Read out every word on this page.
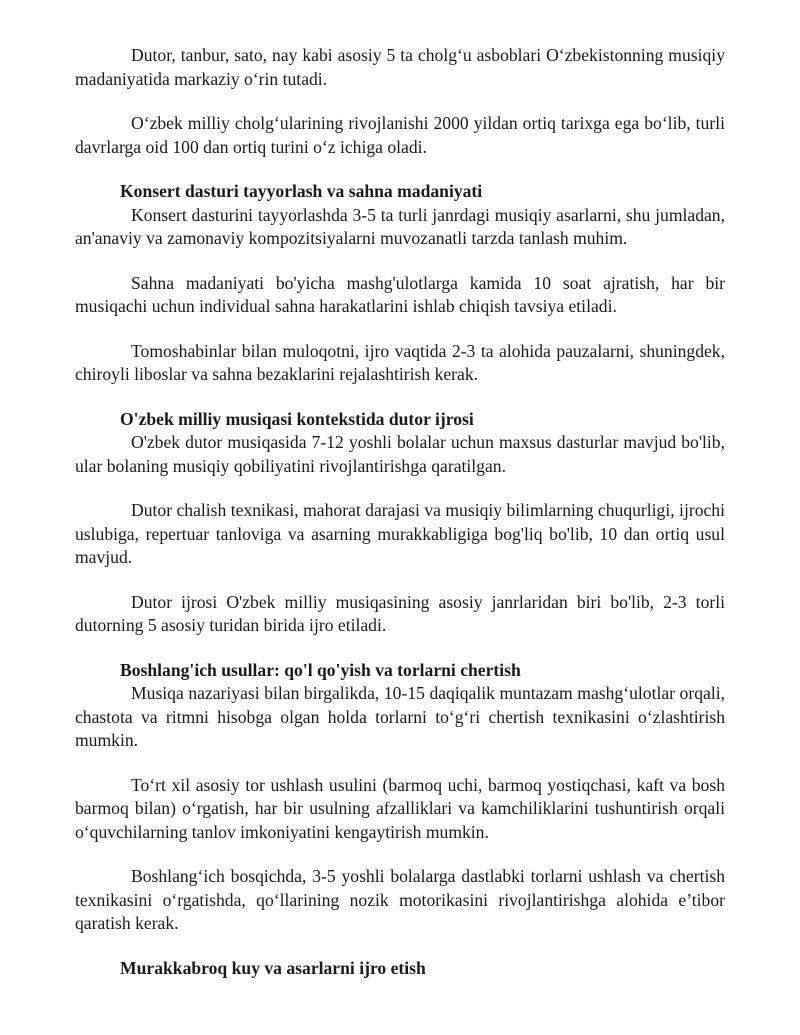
Dutor, tanbur, sato, nay kabi asosiy 5 ta cholg‘u asboblari O‘zbekistonning musiqiy madaniyatida markaziy o‘rin tutadi.

O‘zbek milliy cholg‘ularining rivojlanishi 2000 yildan ortiq tarixga ega bo‘lib, turli davrlarga oid 100 dan ortiq turini o‘z ichiga oladi.

Konsert dasturi tayyorlash va sahna madaniyati

Konsert dasturini tayyorlashda 3-5 ta turli janrdagi musiqiy asarlarni, shu jumladan, an'anaviy va zamonaviy kompozitsiyalarni muvozanatli tarzda tanlash muhim.

Sahna madaniyati bo'yicha mashg'ulotlarga kamida 10 soat ajratish, har bir musiqachi uchun individual sahna harakatlarini ishlab chiqish tavsiya etiladi.

Tomoshabinlar bilan muloqotni, ijro vaqtida 2-3 ta alohida pauzalarni, shuningdek, chiroyli liboslar va sahna bezaklarini rejalashtirish kerak.

O'zbek milliy musiqasi kontekstida dutor ijrosi

O'zbek dutor musiqasida 7-12 yoshli bolalar uchun maxsus dasturlar mavjud bo'lib, ular bolaning musiqiy qobiliyatini rivojlantirishga qaratilgan.

Dutor chalish texnikasi, mahorat darajasi va musiqiy bilimlarning chuqurligi, ijrochi uslubiga, repertuar tanloviga va asarning murakkabligiga bog'liq bo'lib, 10 dan ortiq usul mavjud.

Dutor ijrosi O'zbek milliy musiqasining asosiy janrlaridan biri bo'lib, 2-3 torli dutorning 5 asosiy turidan birida ijro etiladi.

Boshlang'ich usullar: qo'l qo'yish va torlarni chertish

Musiqa nazariyasi bilan birgalikda, 10-15 daqiqalik muntazam mashg‘ulotlar orqali, chastota va ritmni hisobga olgan holda torlarni to‘g‘ri chertish texnikasini o‘zlashtirish mumkin.

To‘rt xil asosiy tor ushlash usulini (barmoq uchi, barmoq yostiqchasi, kaft va bosh barmoq bilan) o‘rgatish, har bir usulning afzalliklari va kamchiliklarini tushuntirish orqali o‘quvchilarning tanlov imkoniyatini kengaytirish mumkin.

Boshlang‘ich bosqichda, 3-5 yoshli bolalarga dastlabki torlarni ushlash va chertish texnikasini o‘rgatishda, qo‘llarining nozik motorikasini rivojlantirishga alohida e’tibor qaratish kerak.

Murakkabroq kuy va asarlarni ijro etish
